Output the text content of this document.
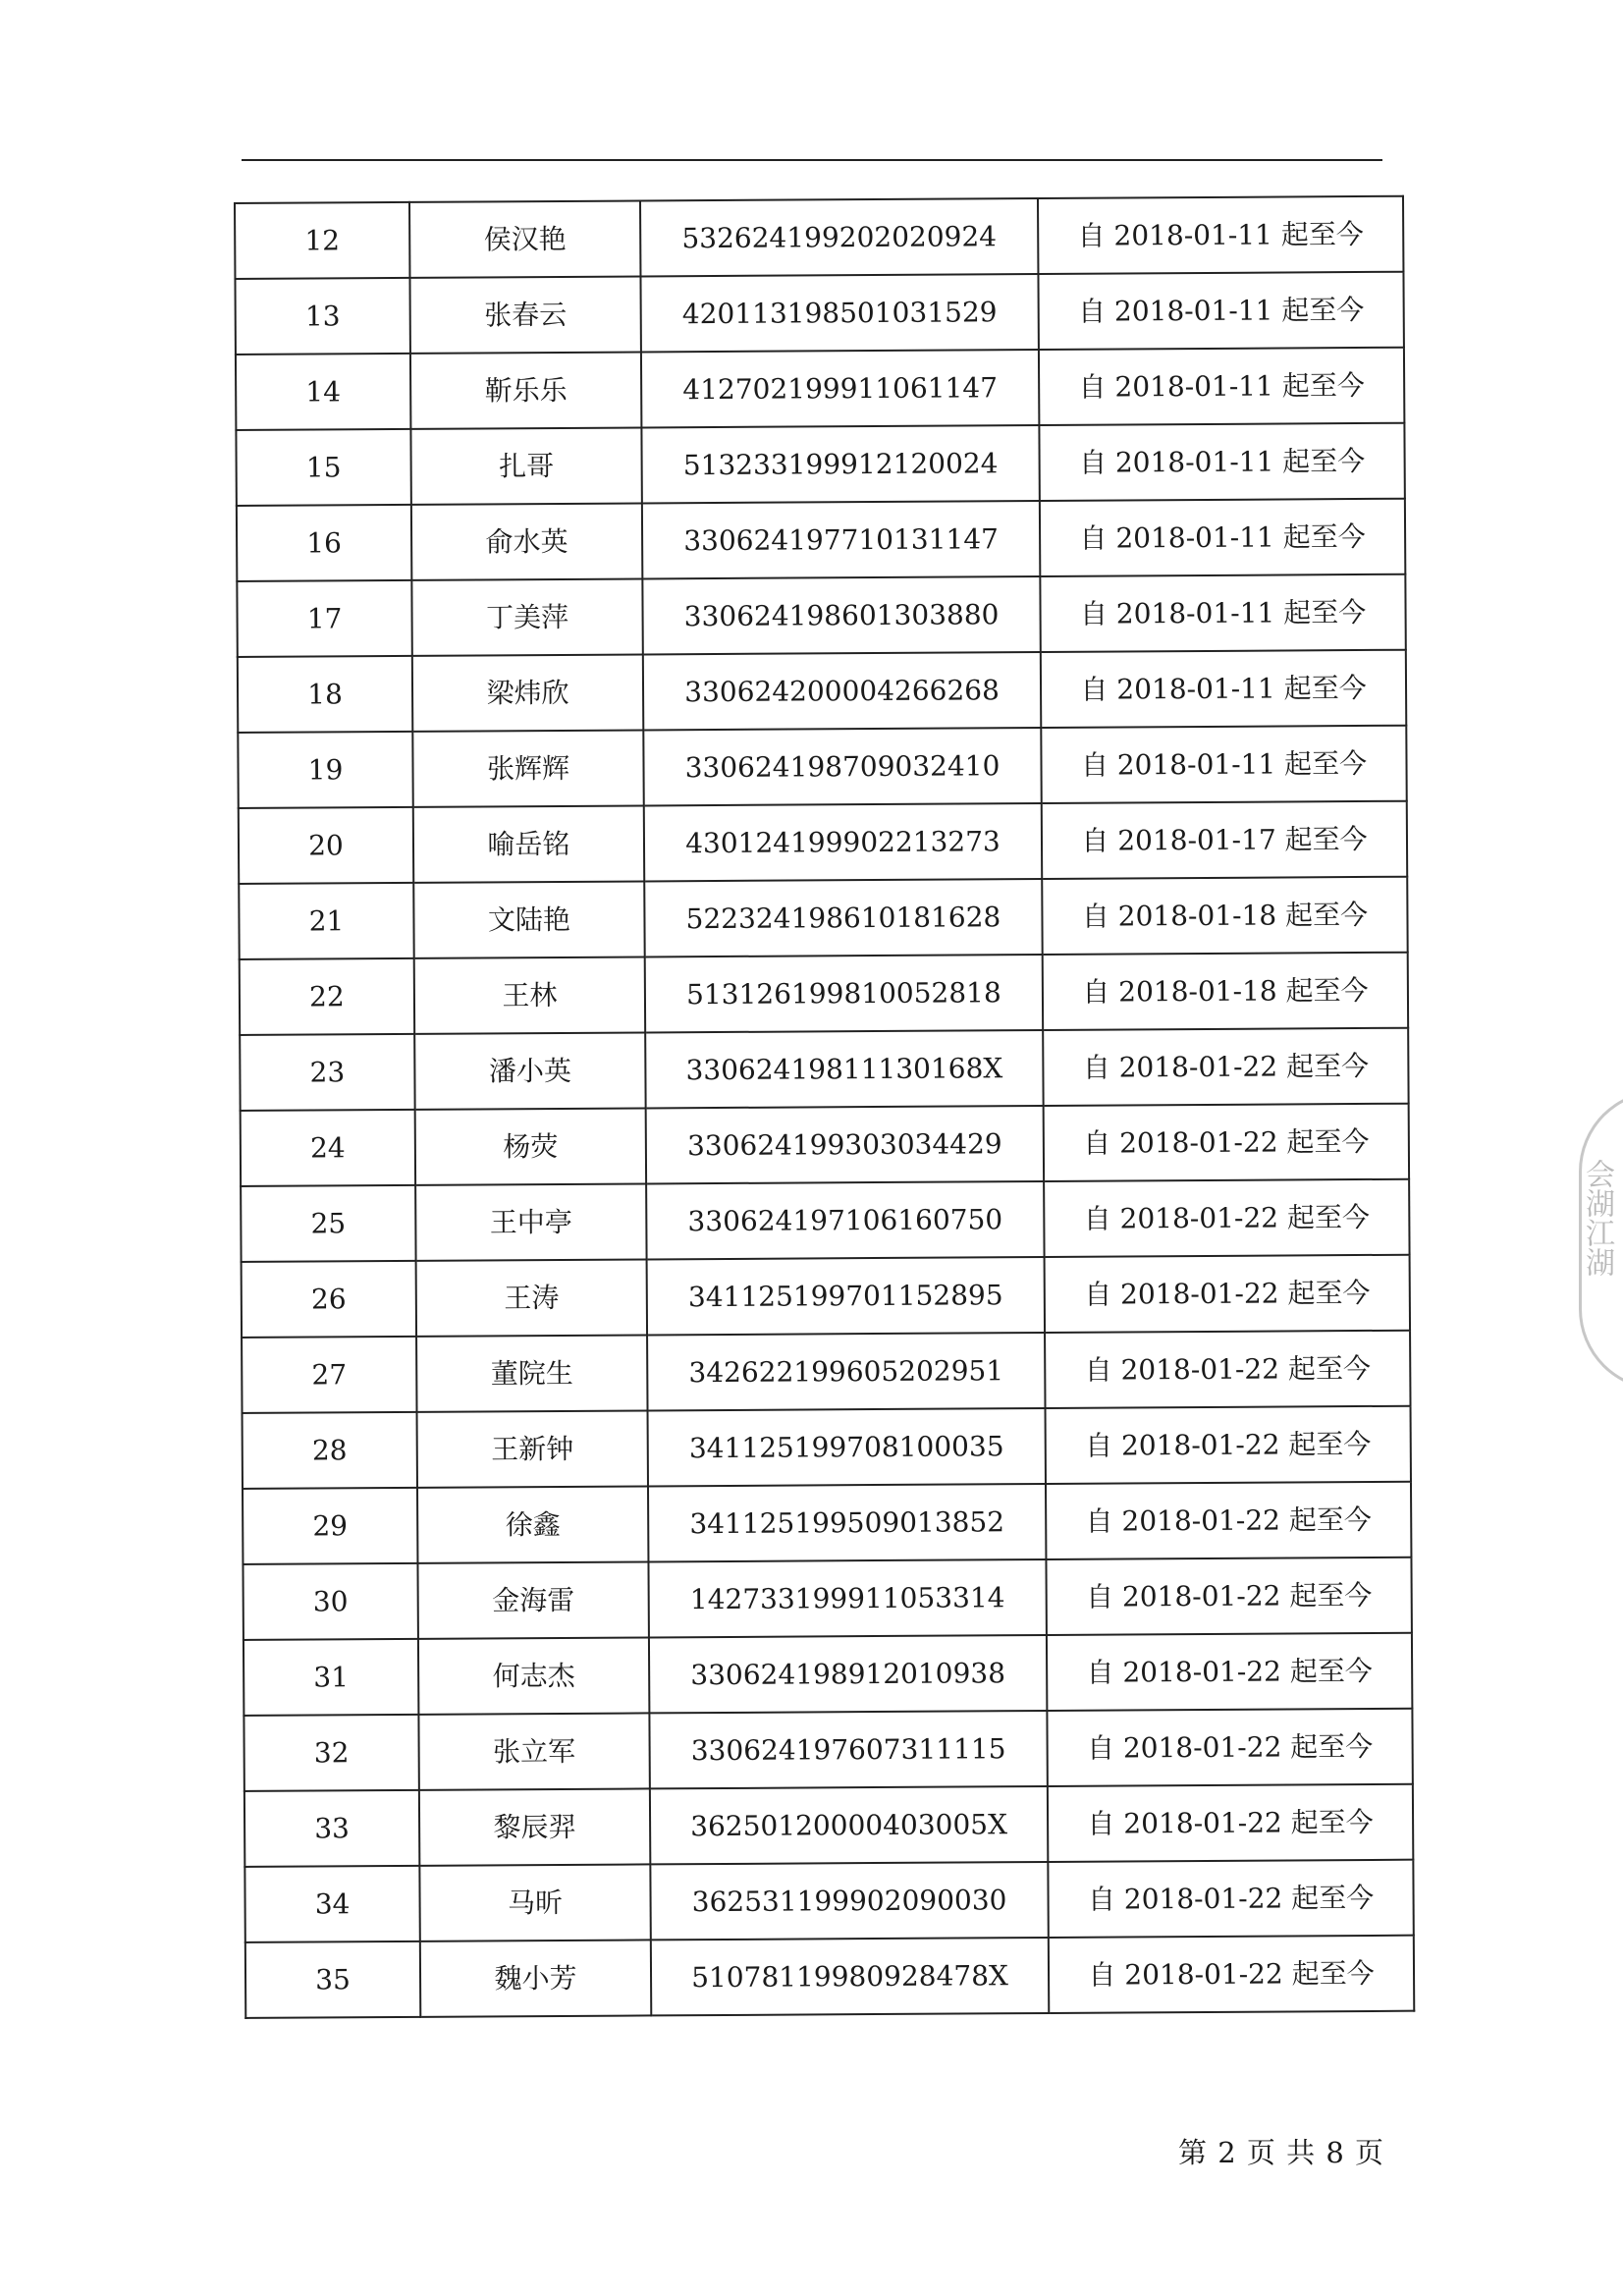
12	侯汉艳	532624199202020924	自 2018-01-11 起至今
13	张春云	420113198501031529	自 2018-01-11 起至今
14	靳乐乐	412702199911061147	自 2018-01-11 起至今
15	扎哥	513233199912120024	自 2018-01-11 起至今
16	俞水英	330624197710131147	自 2018-01-11 起至今
17	丁美萍	330624198601303880	自 2018-01-11 起至今
18	梁炜欣	330624200004266268	自 2018-01-11 起至今
19	张辉辉	330624198709032410	自 2018-01-11 起至今
20	喻岳铭	430124199902213273	自 2018-01-17 起至今
21	文陆艳	522324198610181628	自 2018-01-18 起至今
22	王林	513126199810052818	自 2018-01-18 起至今
23	潘小英	33062419811130168X	自 2018-01-22 起至今
24	杨荧	330624199303034429	自 2018-01-22 起至今
25	王中亭	330624197106160750	自 2018-01-22 起至今
26	王涛	341125199701152895	自 2018-01-22 起至今
27	董院生	342622199605202951	自 2018-01-22 起至今
28	王新钟	341125199708100035	自 2018-01-22 起至今
29	徐鑫	341125199509013852	自 2018-01-22 起至今
30	金海雷	142733199911053314	自 2018-01-22 起至今
31	何志杰	330624198912010938	自 2018-01-22 起至今
32	张立军	330624197607311115	自 2018-01-22 起至今
33	黎辰羿	36250120000403005X	自 2018-01-22 起至今
34	马昕	362531199902090030	自 2018-01-22 起至今
35	魏小芳	51078119980928478X	自 2018-01-22 起至今
第 2 页 共 8 页
会湖江湖
